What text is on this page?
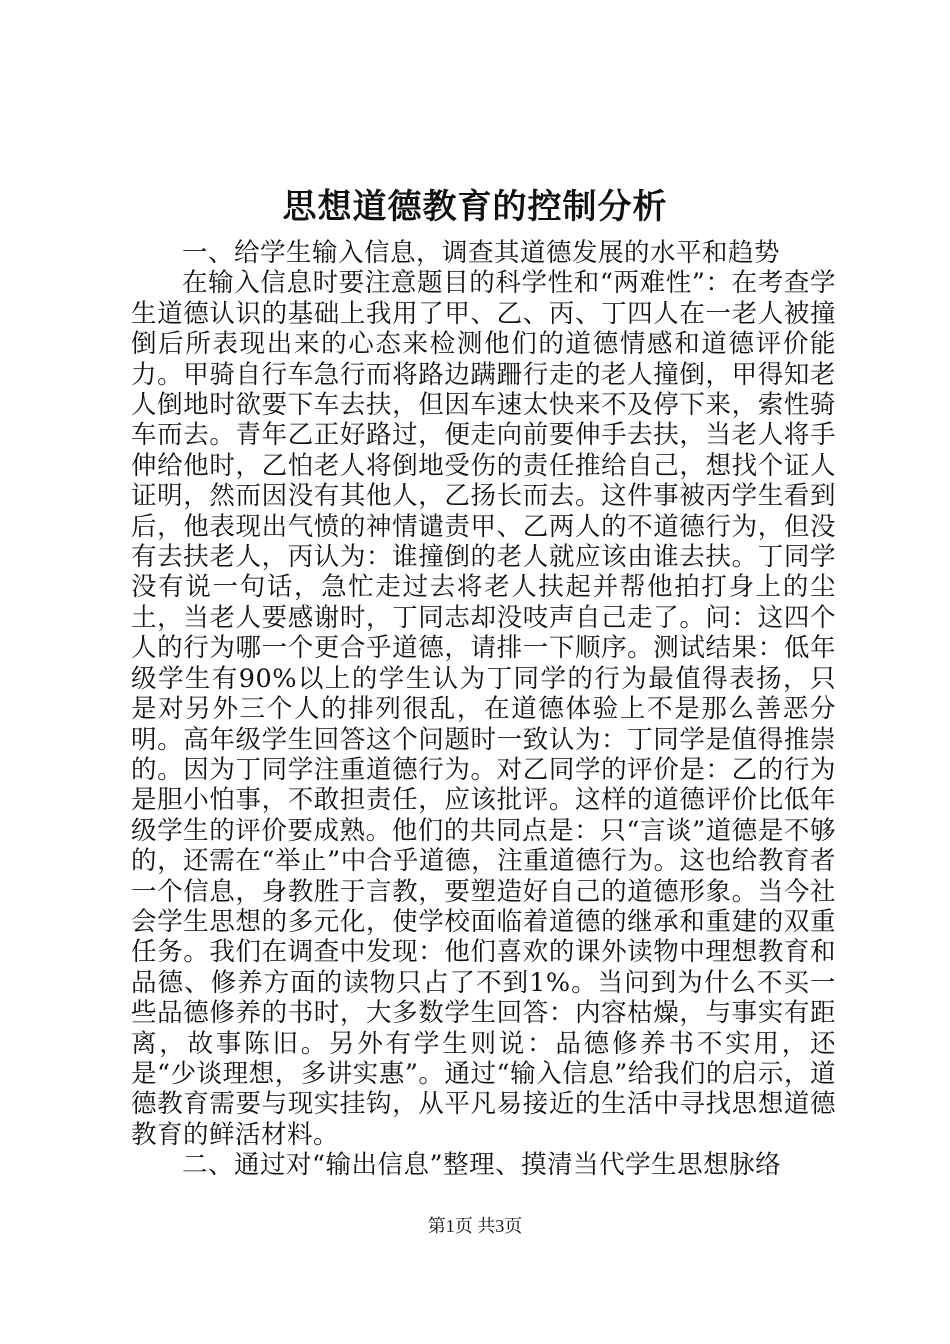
思想道德教育的控制分析

一、给学生输入信息，调查其道德发展的水平和趋势

在输入信息时要注意题目的科学性和“两难性”：在考查学生道德认识的基础上我用了甲、乙、丙、丁四人在一老人被撞倒后所表现出来的心态来检测他们的道德情感和道德评价能力。甲骑自行车急行而将路边蹒跚行走的老人撞倒，甲得知老人倒地时欲要下车去扶，但因车速太快来不及停下来，索性骑车而去。青年乙正好路过，便走向前要伸手去扶，当老人将手伸给他时，乙怕老人将倒地受伤的责任推给自己，想找个证人证明，然而因没有其他人，乙扬长而去。这件事被丙学生看到后，他表现出气愤的神情谴责甲、乙两人的不道德行为，但没有去扶老人，丙认为：谁撞倒的老人就应该由谁去扶。丁同学没有说一句话，急忙走过去将老人扶起并帮他拍打身上的尘土，当老人要感谢时，丁同志却没吱声自己走了。问：这四个人的行为哪一个更合乎道德，请排一下顺序。测试结果：低年级学生有90%以上的学生认为丁同学的行为最值得表扬，只是对另外三个人的排列很乱，在道德体验上不是那么善恶分明。高年级学生回答这个问题时一致认为：丁同学是值得推崇的。因为丁同学注重道德行为。对乙同学的评价是：乙的行为是胆小怕事，不敢担责任，应该批评。这样的道德评价比低年级学生的评价要成熟。他们的共同点是：只“言谈”道德是不够的，还需在“举止”中合乎道德，注重道德行为。这也给教育者一个信息，身教胜于言教，要塑造好自己的道德形象。当今社会学生思想的多元化，使学校面临着道德的继承和重建的双重任务。我们在调查中发现：他们喜欢的课外读物中理想教育和品德、修养方面的读物只占了不到1%。当问到为什么不买一些品德修养的书时，大多数学生回答：内容枯燥，与事实有距离，故事陈旧。另外有学生则说：品德修养书不实用，还是“少谈理想，多讲实惠”。通过“输入信息”给我们的启示，道德教育需要与现实挂钩，从平凡易接近的生活中寻找思想道德教育的鲜活材料。

二、通过对“输出信息”整理、摸清当代学生思想脉络

第1页 共3页
